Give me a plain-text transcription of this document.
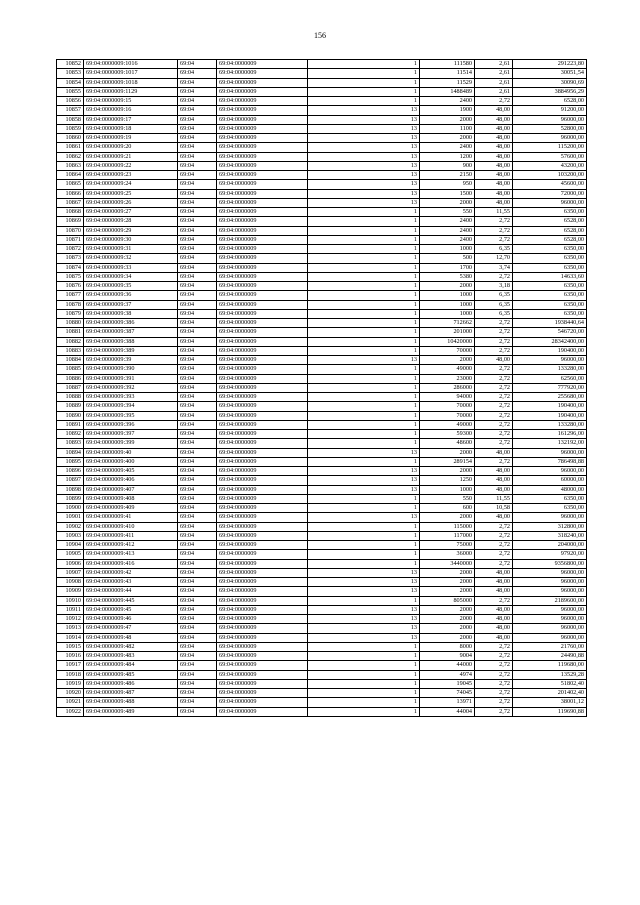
156
10852	69:04:0000009:1016	69:04	69:04:0000009	1	111580	2,61	291223,80
10853	69:04:0000009:1017	69:04	69:04:0000009	1	11514	2,61	30051,54
10854	69:04:0000009:1018	69:04	69:04:0000009	1	11529	2,61	30090,69
10855	69:04:0000009:1129	69:04	69:04:0000009	1	1488489	2,61	3884956,29
10856	69:04:0000009:15	69:04	69:04:0000009	1	2400	2,72	6528,00
10857	69:04:0000009:16	69:04	69:04:0000009	13	1900	48,00	91200,00
10858	69:04:0000009:17	69:04	69:04:0000009	13	2000	48,00	96000,00
10859	69:04:0000009:18	69:04	69:04:0000009	13	1100	48,00	52800,00
10860	69:04:0000009:19	69:04	69:04:0000009	13	2000	48,00	96000,00
10861	69:04:0000009:20	69:04	69:04:0000009	13	2400	48,00	115200,00
10862	69:04:0000009:21	69:04	69:04:0000009	13	1200	48,00	57600,00
10863	69:04:0000009:22	69:04	69:04:0000009	13	900	48,00	43200,00
10864	69:04:0000009:23	69:04	69:04:0000009	13	2150	48,00	103200,00
10865	69:04:0000009:24	69:04	69:04:0000009	13	950	48,00	45600,00
10866	69:04:0000009:25	69:04	69:04:0000009	13	1500	48,00	72000,00
10867	69:04:0000009:26	69:04	69:04:0000009	13	2000	48,00	96000,00
10868	69:04:0000009:27	69:04	69:04:0000009	1	550	11,55	6350,00
10869	69:04:0000009:28	69:04	69:04:0000009	1	2400	2,72	6528,00
10870	69:04:0000009:29	69:04	69:04:0000009	1	2400	2,72	6528,00
10871	69:04:0000009:30	69:04	69:04:0000009	1	2400	2,72	6528,00
10872	69:04:0000009:31	69:04	69:04:0000009	1	1000	6,35	6350,00
10873	69:04:0000009:32	69:04	69:04:0000009	1	500	12,70	6350,00
10874	69:04:0000009:33	69:04	69:04:0000009	1	1700	3,74	6350,00
10875	69:04:0000009:34	69:04	69:04:0000009	1	5380	2,72	14633,60
10876	69:04:0000009:35	69:04	69:04:0000009	1	2000	3,18	6350,00
10877	69:04:0000009:36	69:04	69:04:0000009	1	1000	6,35	6350,00
10878	69:04:0000009:37	69:04	69:04:0000009	1	1000	6,35	6350,00
10879	69:04:0000009:38	69:04	69:04:0000009	1	1000	6,35	6350,00
10880	69:04:0000009:386	69:04	69:04:0000009	1	712662	2,72	1938440,64
10881	69:04:0000009:387	69:04	69:04:0000009	1	201000	2,72	546720,00
10882	69:04:0000009:388	69:04	69:04:0000009	1	10420000	2,72	28342400,00
10883	69:04:0000009:389	69:04	69:04:0000009	1	70000	2,72	190400,00
10884	69:04:0000009:39	69:04	69:04:0000009	13	2000	48,00	96000,00
10885	69:04:0000009:390	69:04	69:04:0000009	1	49000	2,72	133280,00
10886	69:04:0000009:391	69:04	69:04:0000009	1	23000	2,72	62560,00
10887	69:04:0000009:392	69:04	69:04:0000009	1	286000	2,72	777920,00
10888	69:04:0000009:393	69:04	69:04:0000009	1	94000	2,72	255680,00
10889	69:04:0000009:394	69:04	69:04:0000009	1	70000	2,72	190400,00
10890	69:04:0000009:395	69:04	69:04:0000009	1	70000	2,72	190400,00
10891	69:04:0000009:396	69:04	69:04:0000009	1	49000	2,72	133280,00
10892	69:04:0000009:397	69:04	69:04:0000009	1	59300	2,72	161296,00
10893	69:04:0000009:399	69:04	69:04:0000009	1	48600	2,72	132192,00
10894	69:04:0000009:40	69:04	69:04:0000009	13	2000	48,00	96000,00
10895	69:04:0000009:400	69:04	69:04:0000009	1	289154	2,72	786498,88
10896	69:04:0000009:405	69:04	69:04:0000009	13	2000	48,00	96000,00
10897	69:04:0000009:406	69:04	69:04:0000009	13	1250	48,00	60000,00
10898	69:04:0000009:407	69:04	69:04:0000009	13	1000	48,00	48000,00
10899	69:04:0000009:408	69:04	69:04:0000009	1	550	11,55	6350,00
10900	69:04:0000009:409	69:04	69:04:0000009	1	600	10,58	6350,00
10901	69:04:0000009:41	69:04	69:04:0000009	13	2000	48,00	96000,00
10902	69:04:0000009:410	69:04	69:04:0000009	1	115000	2,72	312800,00
10903	69:04:0000009:411	69:04	69:04:0000009	1	117000	2,72	318240,00
10904	69:04:0000009:412	69:04	69:04:0000009	1	75000	2,72	204000,00
10905	69:04:0000009:413	69:04	69:04:0000009	1	36000	2,72	97920,00
10906	69:04:0000009:416	69:04	69:04:0000009	1	3440000	2,72	9356800,00
10907	69:04:0000009:42	69:04	69:04:0000009	13	2000	48,00	96000,00
10908	69:04:0000009:43	69:04	69:04:0000009	13	2000	48,00	96000,00
10909	69:04:0000009:44	69:04	69:04:0000009	13	2000	48,00	96000,00
10910	69:04:0000009:445	69:04	69:04:0000009	1	805000	2,72	2189600,00
10911	69:04:0000009:45	69:04	69:04:0000009	13	2000	48,00	96000,00
10912	69:04:0000009:46	69:04	69:04:0000009	13	2000	48,00	96000,00
10913	69:04:0000009:47	69:04	69:04:0000009	13	2000	48,00	96000,00
10914	69:04:0000009:48	69:04	69:04:0000009	13	2000	48,00	96000,00
10915	69:04:0000009:482	69:04	69:04:0000009	1	8000	2,72	21760,00
10916	69:04:0000009:483	69:04	69:04:0000009	1	9004	2,72	24490,88
10917	69:04:0000009:484	69:04	69:04:0000009	1	44000	2,72	119680,00
10918	69:04:0000009:485	69:04	69:04:0000009	1	4974	2,72	13529,28
10919	69:04:0000009:486	69:04	69:04:0000009	1	19045	2,72	51802,40
10920	69:04:0000009:487	69:04	69:04:0000009	1	74045	2,72	201402,40
10921	69:04:0000009:488	69:04	69:04:0000009	1	13971	2,72	38001,12
10922	69:04:0000009:489	69:04	69:04:0000009	1	44004	2,72	119690,88
